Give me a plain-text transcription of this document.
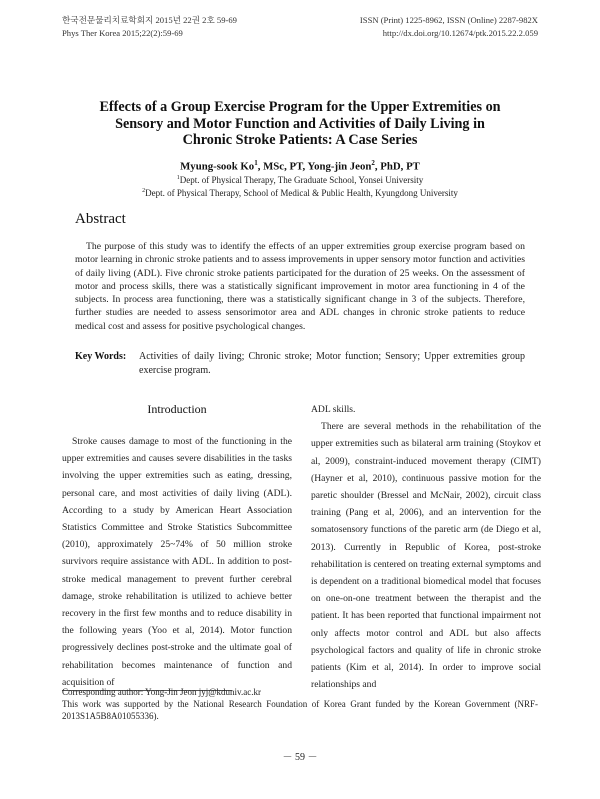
한국전문물리치료학회지 2015년 22권 2호 59-69
Phys Ther Korea 2015;22(2):59-69
ISSN (Print) 1225-8962, ISSN (Online) 2287-982X
http://dx.doi.org/10.12674/ptk.2015.22.2.059
Effects of a Group Exercise Program for the Upper Extremities on
Sensory and Motor Function and Activities of Daily Living in
Chronic Stroke Patients: A Case Series
Myung-sook Ko$^1$, MSc, PT, Yong-jin Jeon$^2$, PhD, PT
$^1$Dept. of Physical Therapy, The Graduate School, Yonsei University
$^2$Dept. of Physical Therapy, School of Medical & Public Health, Kyungdong University
Abstract
The purpose of this study was to identify the effects of an upper extremities group exercise program based on motor learning in chronic stroke patients and to assess improvements in upper sensory motor function and activities of daily living (ADL). Five chronic stroke patients participated for the duration of 25 weeks. On the assessment of motor and process skills, there was a statistically significant improvement in motor area functioning in 4 of the subjects. In process area functioning, there was a statistically significant change in 3 of the subjects. Therefore, further studies are needed to assess sensorimotor area and ADL changes in chronic stroke patients to reduce medical cost and assess for positive psychological changes.
Key Words:	Activities of daily living; Chronic stroke; Motor function; Sensory; Upper extremities group exercise program.
Introduction
Stroke causes damage to most of the functioning in the upper extremities and causes severe disabilities in the tasks involving the upper extremities such as eating, dressing, personal care, and most activities of daily living (ADL). According to a study by American Heart Association Statistics Committee and Stroke Statistics Subcommittee (2010), approximately 25~74% of 50 million stroke survivors require assistance with ADL. In addition to post-stroke medical management to prevent further cerebral damage, stroke rehabilitation is utilized to achieve better recovery in the first few months and to reduce disability in the following years (Yoo et al, 2014). Motor function progressively declines post-stroke and the ultimate goal of rehabilitation becomes maintenance of function and acquisition of
ADL skills.
There are several methods in the rehabilitation of the upper extremities such as bilateral arm training (Stoykov et al, 2009), constraint-induced movement therapy (CIMT) (Hayner et al, 2010), continuous passive motion for the paretic shoulder (Bressel and McNair, 2002), circuit class training (Pang et al, 2006), and an intervention for the somatosensory functions of the paretic arm (de Diego et al, 2013). Currently in Republic of Korea, post-stroke rehabilitation is centered on treating external symptoms and is dependent on a traditional biomedical model that focuses on one-on-one treatment between the therapist and the patient. It has been reported that functional impairment not only affects motor control and ADL but also affects psychological factors and quality of life in chronic stroke patients (Kim et al, 2014). In order to improve social relationships and
Corresponding author: Yong-Jin Jeon jyj@kduniv.ac.kr
This work was supported by the National Research Foundation of Korea Grant funded by the Korean Government (NRF-2013S1A5B8A01055336).
－ 59 －
